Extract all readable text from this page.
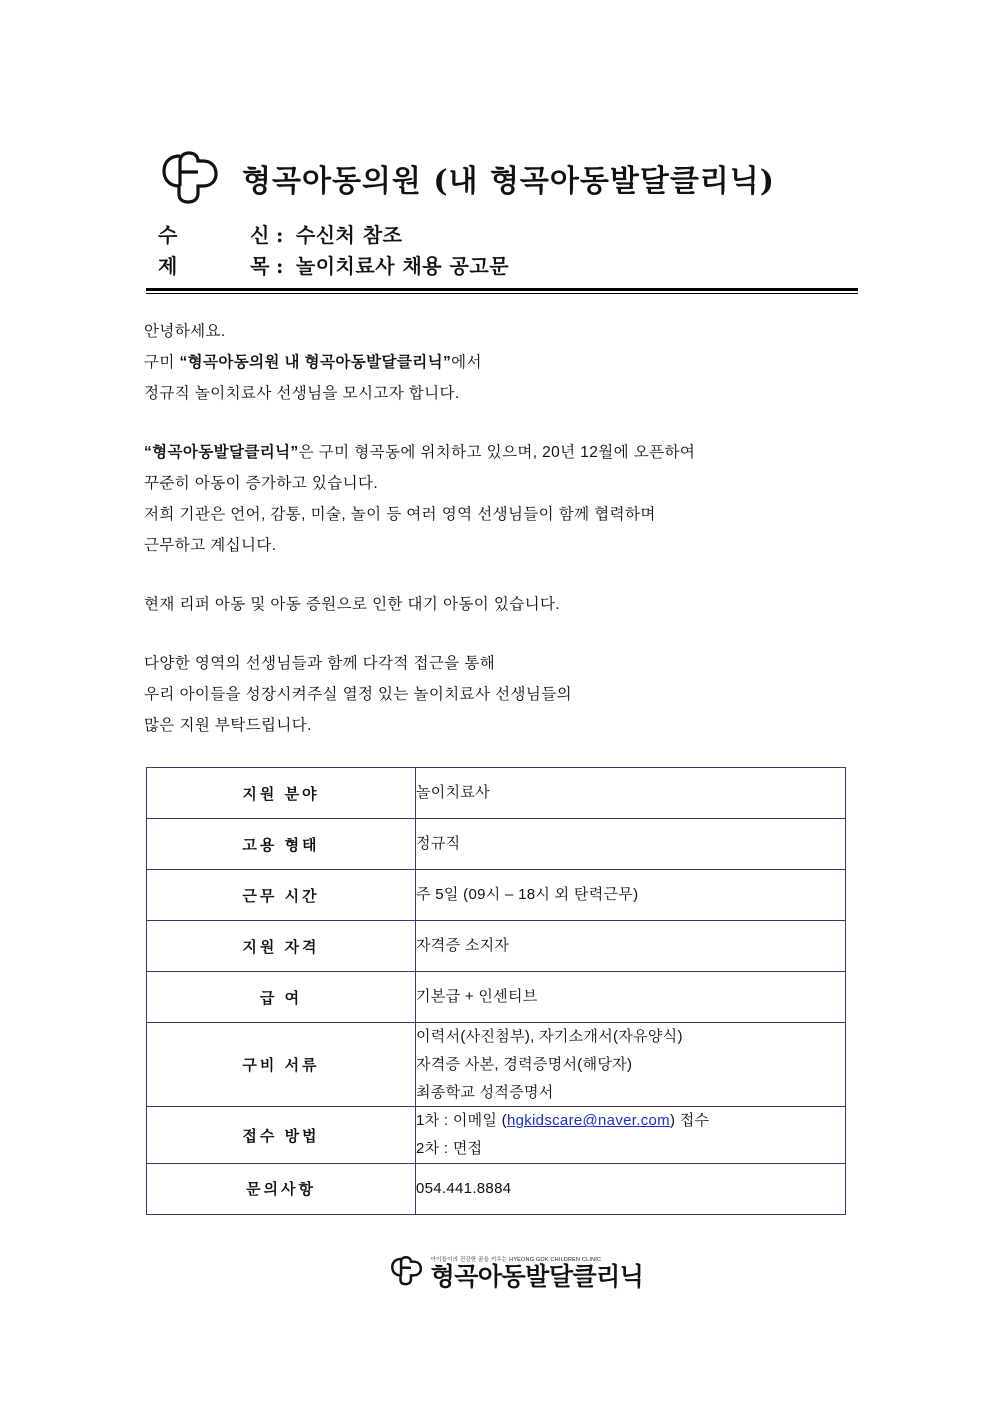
형곡아동의원 (내 형곡아동발달클리닉)
수	신 : 수신처 참조
제	목 : 놀이치료사 채용 공고문

안녕하세요.

구미 “형곡아동의원 내 형곡아동발달클리닉”에서

정규직 놀이치료사 선생님을 모시고자 합니다.

“형곡아동발달클리닉”은 구미 형곡동에 위치하고 있으며, 20년 12월에 오픈하여

꾸준히 아동이 증가하고 있습니다.

저희 기관은 언어, 감통, 미술, 놀이 등 여러 영역 선생님들이 함께 협력하며

근무하고 계십니다.

현재 리퍼 아동 및 아동 증원으로 인한 대기 아동이 있습니다.

다양한 영역의 선생님들과 함께 다각적 접근을 통해

우리 아이들을 성장시켜주실 열정 있는 놀이치료사 선생님들의

많은 지원 부탁드립니다.

지원 분야	놀이치료사

고용 형태	정규직

근무 시간	주 5일 (09시 – 18시 외 탄력근무)

지원 자격	자격증 소지자

급 여	기본급 + 인센티브

구비 서류	이력서(사진첨부), 자기소개서(자유양식)
자격증 사본, 경력증명서(해당자)
최종학교 성적증명서

접수 방법	1차 : 이메일 (hgkidscare@naver.com) 접수
2차 : 면접

문의사항	054.441.8884
아이들이의 건강한 꿈을 키우는 HYEONG GOK CHILDREN CLINIC
형곡아동발달클리닉
